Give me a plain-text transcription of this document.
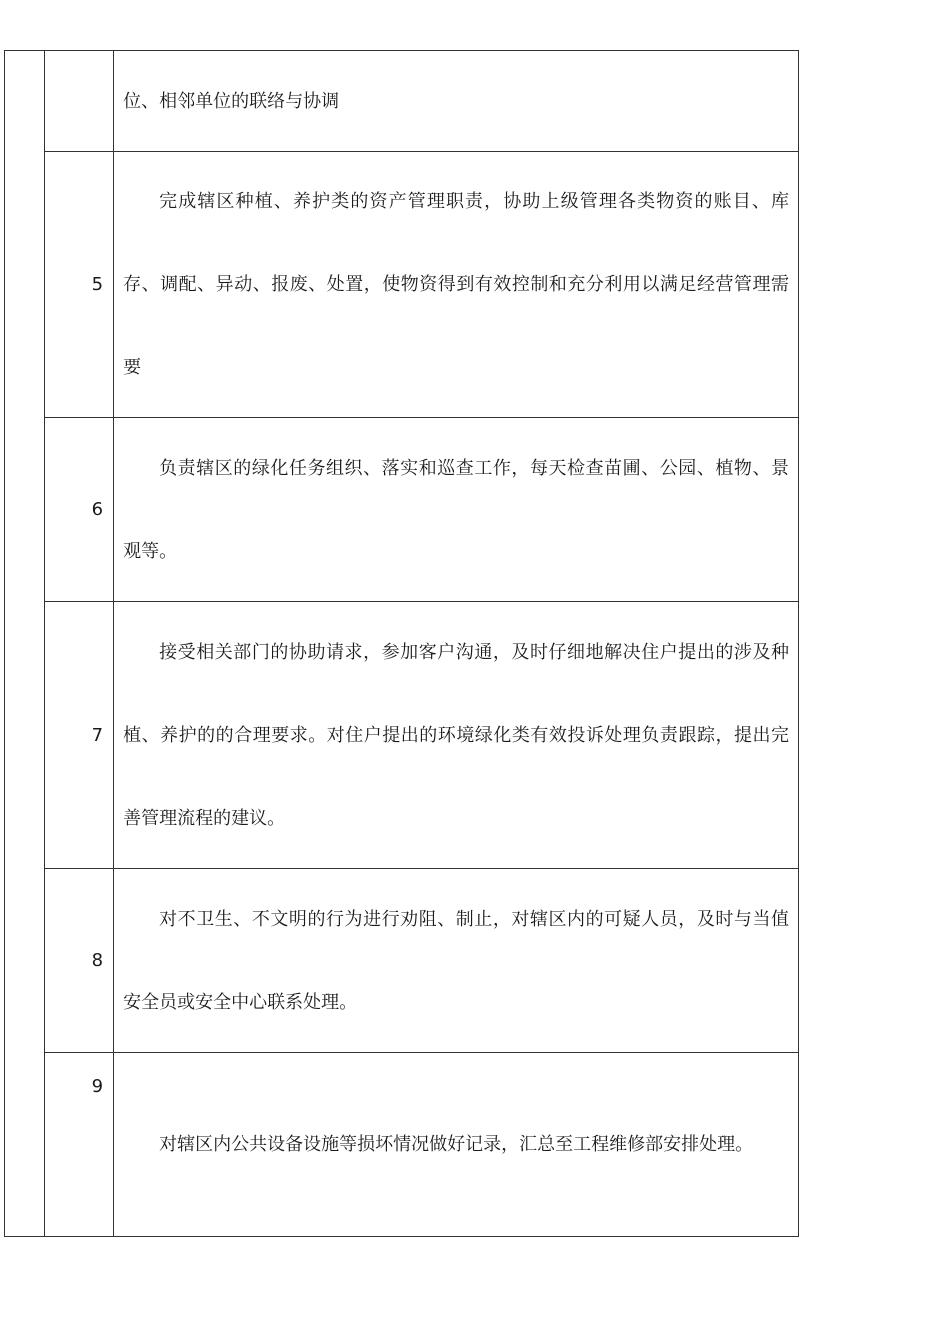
		位、相邻单位的联络与协调

	5	完成辖区种植、养护类的资产管理职责，协助上级管理各类物资的账目、库存、调配、异动、报废、处置，使物资得到有效控制和充分利用以满足经营管理需要

	6	负责辖区的绿化任务组织、落实和巡查工作，每天检查苗圃、公园、植物、景观等。

	7	接受相关部门的协助请求，参加客户沟通，及时仔细地解决住户提出的涉及种植、养护的的合理要求。对住户提出的环境绿化类有效投诉处理负责跟踪，提出完善管理流程的建议。

	8	对不卫生、不文明的行为进行劝阻、制止，对辖区内的可疑人员，及时与当值安全员或安全中心联系处理。

	9	对辖区内公共设备设施等损坏情况做好记录，汇总至工程维修部安排处理。
